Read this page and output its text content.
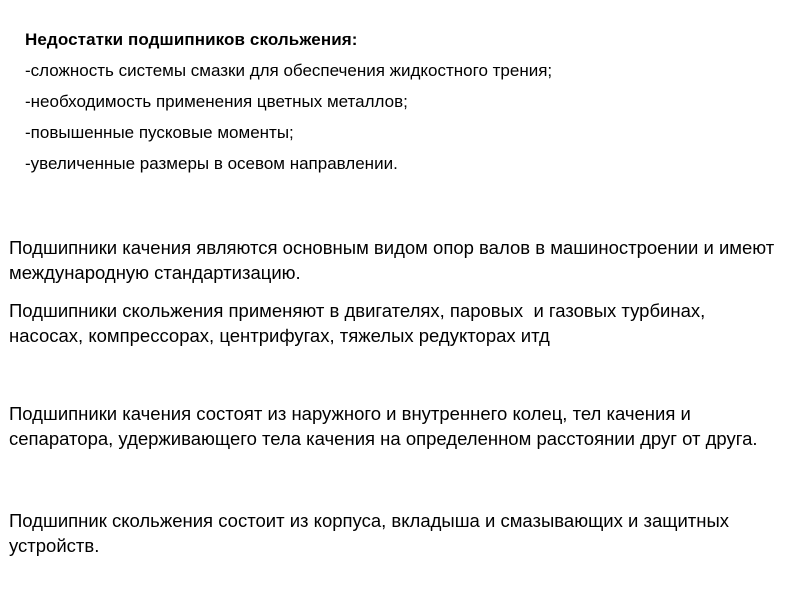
Недостатки подшипников скольжения:

-сложность системы смазки для обеспечения жидкостного трения;

-необходимость применения цветных металлов;

-повышенные пусковые моменты;

-увеличенные размеры в осевом направлении.

Подшипники качения являются основным видом опор валов в машиностроении и имеют международную стандартизацию.

Подшипники скольжения применяют в двигателях, паровых  и газовых турбинах, насосах, компрессорах, центрифугах, тяжелых редукторах итд

Подшипники качения состоят из наружного и внутреннего колец, тел качения и сепаратора, удерживающего тела качения на определенном расстоянии друг от друга.

Подшипник скольжения состоит из корпуса, вкладыша и смазывающих и защитных устройств.
